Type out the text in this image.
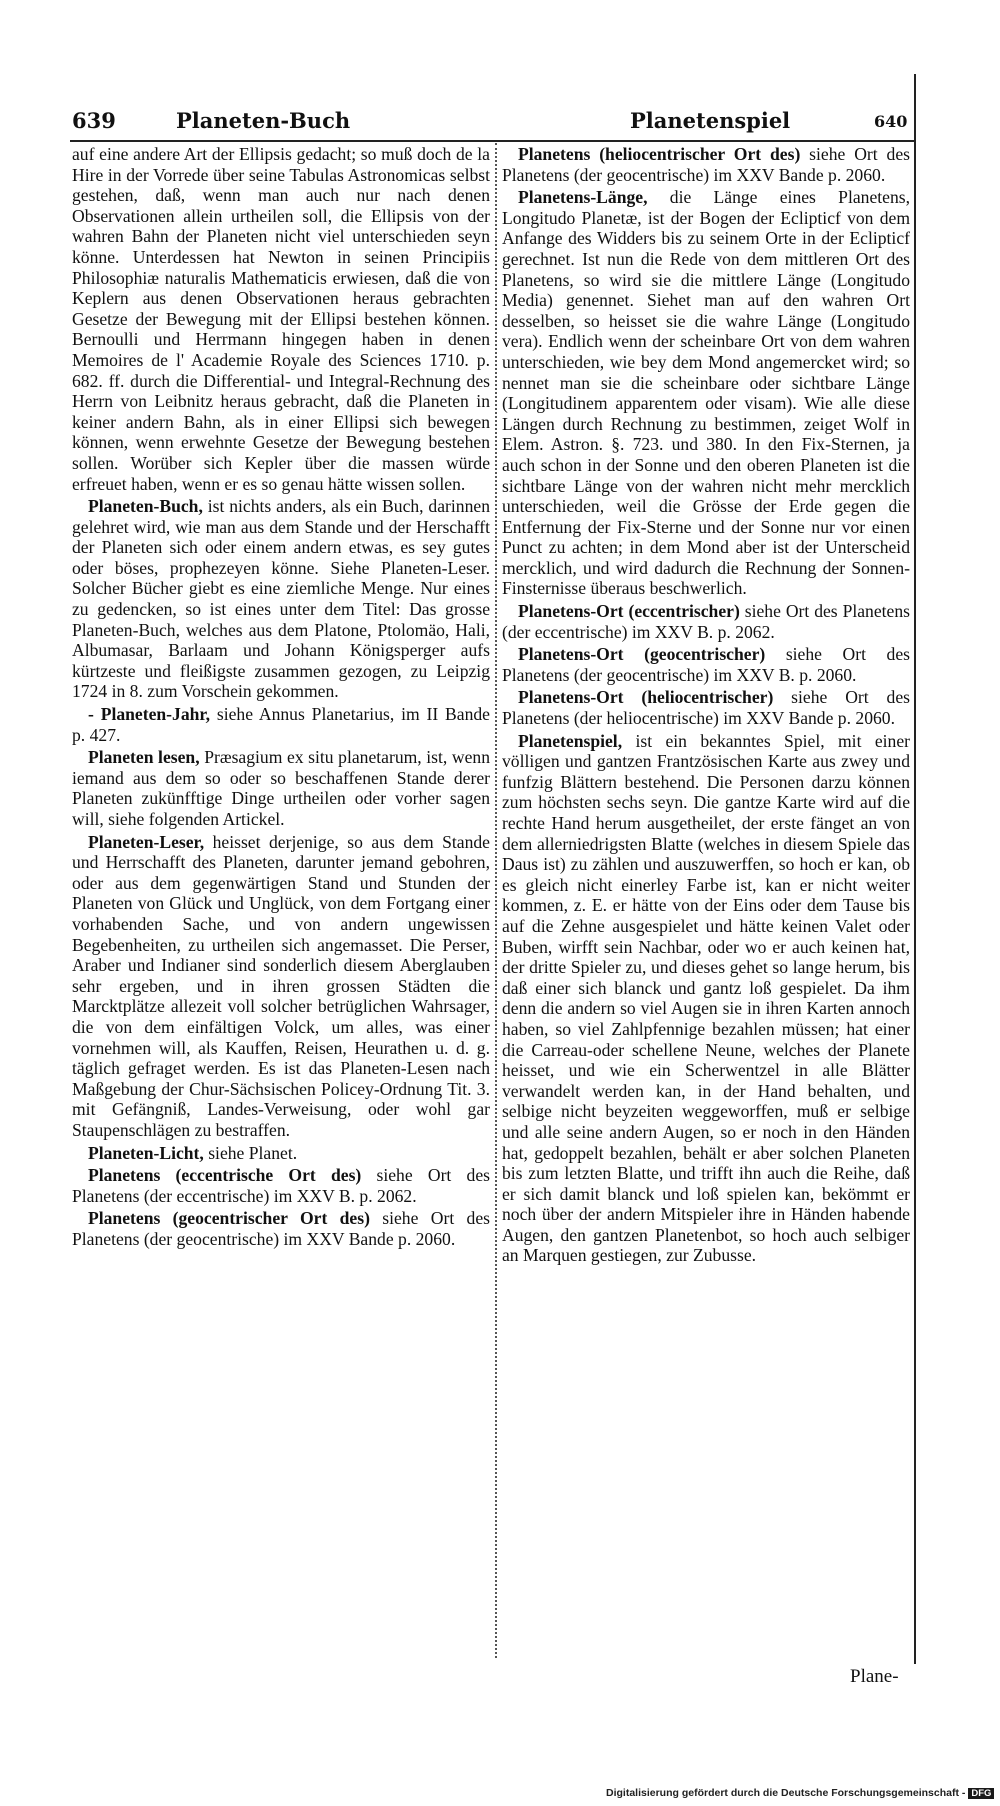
639	Planeten-Buch	Planetenspiel	640

auf eine andere Art der Ellipsis gedacht; so muß doch de la Hire in der Vorrede über seine Tabulas Astronomicas selbst gestehen, daß, wenn man auch nur nach denen Observationen allein urtheilen soll, die Ellipsis von der wahren Bahn der Planeten nicht viel unterschieden seyn könne. Unterdessen hat Newton in seinen Principiis Philosophiæ naturalis Mathematicis erwiesen, daß die von Keplern aus denen Observationen heraus gebrachten Gesetze der Bewegung mit der Ellipsi bestehen können. Bernoulli und Herrmann hingegen haben in denen Memoires de l' Academie Royale des Sciences 1710. p. 682. ff. durch die Differential- und Integral-Rechnung des Herrn von Leibnitz heraus gebracht, daß die Planeten in keiner andern Bahn, als in einer Ellipsi sich bewegen können, wenn erwehnte Gesetze der Bewegung bestehen sollen. Worüber sich Kepler über die massen würde erfreuet haben, wenn er es so genau hätte wissen sollen.

Planeten-Buch, ist nichts anders, als ein Buch, darinnen gelehret wird, wie man aus dem Stande und der Herschafft der Planeten sich oder einem andern etwas, es sey gutes oder böses, prophezeyen könne. Siehe Planeten-Leser. Solcher Bücher giebt es eine ziemliche Menge. Nur eines zu gedencken, so ist eines unter dem Titel: Das grosse Planeten-Buch, welches aus dem Platone, Ptolomäo, Hali, Albumasar, Barlaam und Johann Königsperger aufs kürtzeste und fleißigste zusammen gezogen, zu Leipzig 1724 in 8. zum Vorschein gekommen.

- Planeten-Jahr, siehe Annus Planetarius, im II Bande p. 427.

Planeten lesen, Præsagium ex situ planetarum, ist, wenn iemand aus dem so oder so beschaffenen Stande derer Planeten zukünfftige Dinge urtheilen oder vorher sagen will, siehe folgenden Artickel.

Planeten-Leser, heisset derjenige, so aus dem Stande und Herrschafft des Planeten, darunter jemand gebohren, oder aus dem gegenwärtigen Stand und Stunden der Planeten von Glück und Unglück, von dem Fortgang einer vorhabenden Sache, und von andern ungewissen Begebenheiten, zu urtheilen sich angemasset. Die Perser, Araber und Indianer sind sonderlich diesem Aberglauben sehr ergeben, und in ihren grossen Städten die Marcktplätze allezeit voll solcher betrüglichen Wahrsager, die von dem einfältigen Volck, um alles, was einer vornehmen will, als Kauffen, Reisen, Heurathen u. d. g. täglich gefraget werden. Es ist das Planeten-Lesen nach Maßgebung der Chur-Sächsischen Policey-Ordnung Tit. 3. mit Gefängniß, Landes-Verweisung, oder wohl gar Staupenschlägen zu bestraffen.

Planeten-Licht, siehe Planet.

Planetens (eccentrische Ort des) siehe Ort des Planetens (der eccentrische) im XXV B. p. 2062.

Planetens (geocentrischer Ort des) siehe Ort des Planetens (der geocentrische) im XXV Bande p. 2060.

Planetens (heliocentrischer Ort des) siehe Ort des Planetens (der geocentrische) im XXV Bande p. 2060.

Planetens-Länge, die Länge eines Planetens, Longitudo Planetæ, ist der Bogen der Eclipticf von dem Anfange des Widders bis zu seinem Orte in der Eclipticf gerechnet. Ist nun die Rede von dem mittleren Ort des Planetens, so wird sie die mittlere Länge (Longitudo Media) genennet. Siehet man auf den wahren Ort desselben, so heisset sie die wahre Länge (Longitudo vera). Endlich wenn der scheinbare Ort von dem wahren unterschieden, wie bey dem Mond angemercket wird; so nennet man sie die scheinbare oder sichtbare Länge (Longitudinem apparentem oder visam). Wie alle diese Längen durch Rechnung zu bestimmen, zeiget Wolf in Elem. Astron. §. 723. und 380. In den Fix-Sternen, ja auch schon in der Sonne und den oberen Planeten ist die sichtbare Länge von der wahren nicht mehr mercklich unterschieden, weil die Grösse der Erde gegen die Entfernung der Fix-Sterne und der Sonne nur vor einen Punct zu achten; in dem Mond aber ist der Unterscheid mercklich, und wird dadurch die Rechnung der Sonnen-Finsternisse überaus beschwerlich.

Planetens-Ort (eccentrischer) siehe Ort des Planetens (der eccentrische) im XXV B. p. 2062.

Planetens-Ort (geocentrischer) siehe Ort des Planetens (der geocentrische) im XXV B. p. 2060.

Planetens-Ort (heliocentrischer) siehe Ort des Planetens (der heliocentrische) im XXV Bande p. 2060.

Planetenspiel, ist ein bekanntes Spiel, mit einer völligen und gantzen Frantzösischen Karte aus zwey und funfzig Blättern bestehend. Die Personen darzu können zum höchsten sechs seyn. Die gantze Karte wird auf die rechte Hand herum ausgetheilet, der erste fänget an von dem allerniedrigsten Blatte (welches in diesem Spiele das Daus ist) zu zählen und auszuwerffen, so hoch er kan, ob es gleich nicht einerley Farbe ist, kan er nicht weiter kommen, z. E. er hätte von der Eins oder dem Tause bis auf die Zehne ausgespielet und hätte keinen Valet oder Buben, wirfft sein Nachbar, oder wo er auch keinen hat, der dritte Spieler zu, und dieses gehet so lange herum, bis daß einer sich blanck und gantz loß gespielet. Da ihm denn die andern so viel Augen sie in ihren Karten annoch haben, so viel Zahlpfennige bezahlen müssen; hat einer die Carreau-oder schellene Neune, welches der Planete heisset, und wie ein Scherwentzel in alle Blätter verwandelt werden kan, in der Hand behalten, und selbige nicht beyzeiten weggeworffen, muß er selbige und alle seine andern Augen, so er noch in den Händen hat, gedoppelt bezahlen, behält er aber solchen Planeten bis zum letzten Blatte, und trifft ihn auch die Reihe, daß er sich damit blanck und loß spielen kan, bekömmt er noch über der andern Mitspieler ihre in Händen habende Augen, den gantzen Planetenbot, so hoch auch selbiger an Marquen gestiegen, zur Zubusse.

Plane-
Digitalisierung gefördert durch die Deutsche Forschungsgemeinschaft - DFG
